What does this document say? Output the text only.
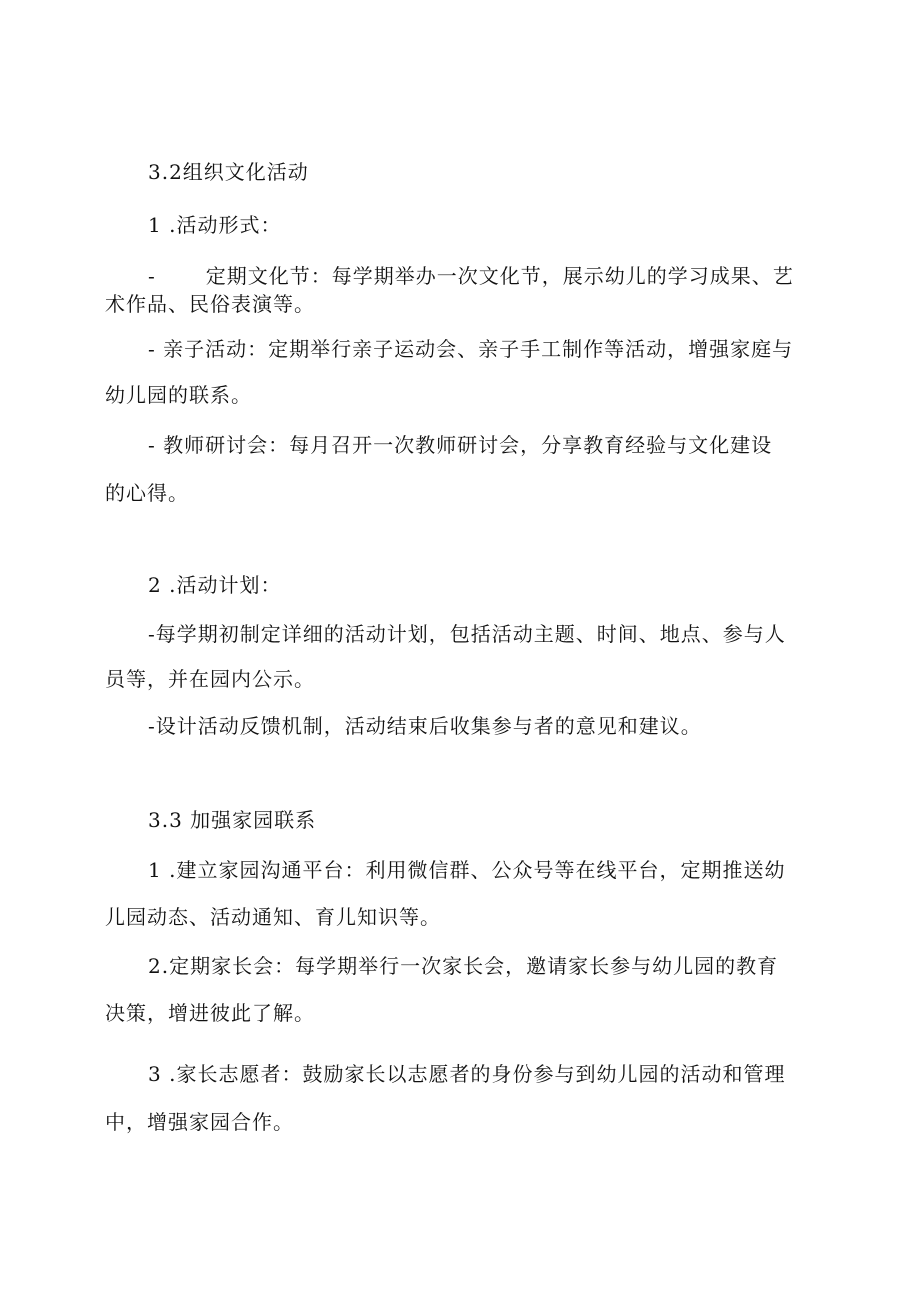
3.2组织文化活动
1 .活动形式：
-	定期文化节：每学期举办一次文化节，展示幼儿的学习成果、艺
术作品、民俗表演等。
- 亲子活动：定期举行亲子运动会、亲子手工制作等活动，增强家庭与
幼儿园的联系。
- 教师研讨会：每月召开一次教师研讨会，分享教育经验与文化建设
的心得。
2 .活动计划：
-每学期初制定详细的活动计划，包括活动主题、时间、地点、参与人
员等，并在园内公示。
-设计活动反馈机制，活动结束后收集参与者的意见和建议。
3.3 加强家园联系
1 .建立家园沟通平台：利用微信群、公众号等在线平台，定期推送幼
儿园动态、活动通知、育儿知识等。
2.定期家长会：每学期举行一次家长会，邀请家长参与幼儿园的教育
决策，增进彼此了解。
3 .家长志愿者：鼓励家长以志愿者的身份参与到幼儿园的活动和管理
中，增强家园合作。
